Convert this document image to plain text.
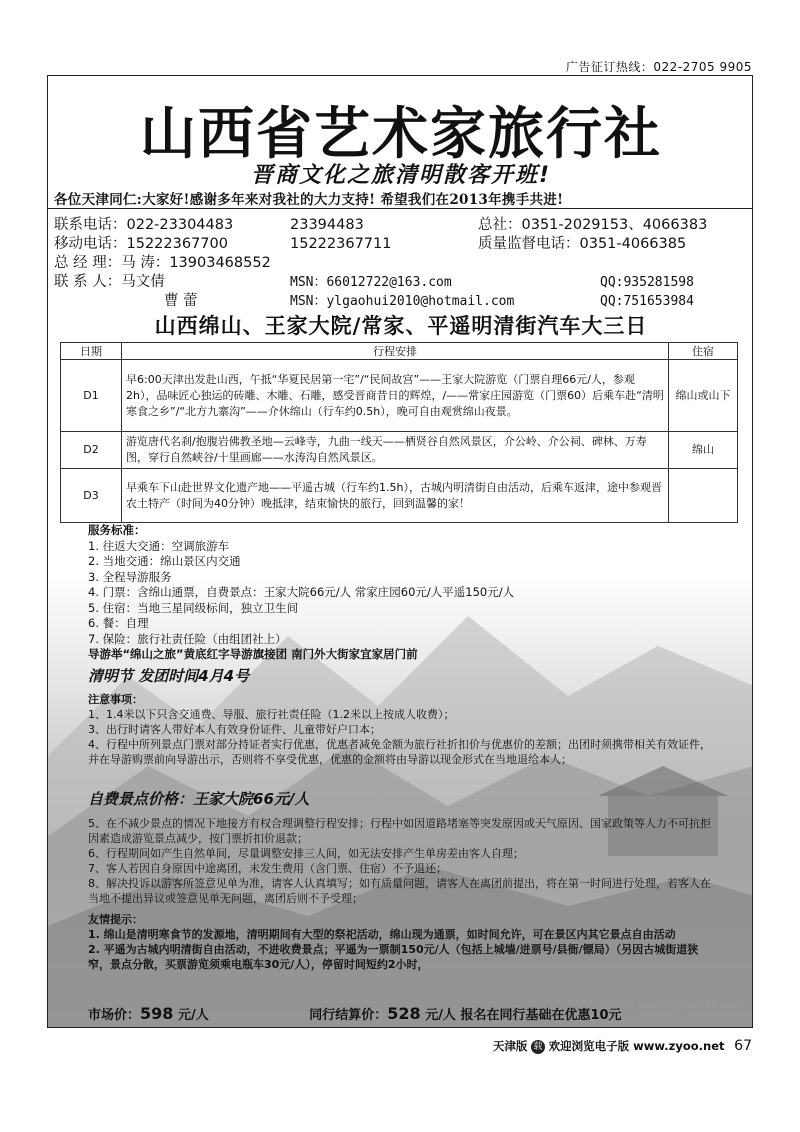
广告征订热线：022-2705 9905
山西省艺术家旅行社
晋商文化之旅清明散客开班!
各位天津同仁:大家好!感谢多年来对我社的大力支持! 希望我们在2013年携手共进!
联系电话：022-23304483	23394483	总社：0351-2029153、4066383
移动电话：15222367700	15222367711	质量监督电话：0351-4066385
总 经 理：马 涛：13903468552
联 系 人：马文倩	MSN：66012722@163.com	QQ:935281598
曹 蕾	MSN：ylgaohui2010@hotmail.com	QQ:751653984
山西绵山、王家大院/常家、平遥明清街汽车大三日
日期	行程安排	住宿
D1	早6:00天津出发赴山西，午抵“华夏民居第一宅”/“民间故宫”——王家大院游览（门票自理66元/人，参观2h），品味匠心独运的砖雕、木雕、石雕，感受晋商昔日的辉煌，/——常家庄园游览（门票60）后乘车赴“清明寒食之乡”/“北方九寨沟”——介休绵山（行车约0.5h），晚可自由观赏绵山夜景。	绵山或山下
D2	游览唐代名刹/抱腹岩佛教圣地—云峰寺，九曲一线天——栖贤谷自然风景区，介公岭、介公祠、碑林、万寿图，穿行自然峡谷/十里画廊——水涛沟自然风景区。	绵山
D3	早乘车下山赴世界文化遗产地——平遥古城（行车约1.5h），古城内明清街自由活动，后乘车返津，途中参观晋农土特产（时间为40分钟）晚抵津，结束愉快的旅行，回到温馨的家！	
服务标准：
1. 往返大交通：空调旅游车
2. 当地交通：绵山景区内交通
3. 全程导游服务
4. 门票：含绵山通票，自费景点：王家大院66元/人 常家庄园60元/人平遥150元/人
5. 住宿：当地三星同级标间，独立卫生间
6. 餐：自理
7. 保险：旅行社责任险（由组团社上）
导游举“绵山之旅”黄底红字导游旗接团 南门外大街家宜家居门前
清明节 发团时间4月4号

注意事项：

1、1.4米以下只含交通费、导服、旅行社责任险（1.2米以上按成人收费）；

3、出行时请客人带好本人有效身份证件、儿童带好户口本；

4、行程中所列景点门票对部分持证者实行优惠，优惠者减免金额为旅行社折扣价与优惠价的差额；出团时须携带相关有效证件，并在导游购票前向导游出示，否则将不享受优惠，优惠的金额将由导游以现金形式在当地退给本人；

自费景点价格：王家大院66元/人

5、在不减少景点的情况下地接方有权合理调整行程安排；行程中如因道路堵塞等突发原因或天气原因、国家政策等人力不可抗拒因素造成游览景点减少，按门票折扣价退款；

6、行程期间如产生自然单间，尽量调整安排三人间，如无法安排产生单房差由客人自理；

7、客人若因自身原因中途离团，未发生费用（含门票、住宿）不予退还；

8、解决投诉以游客所签意见单为准，请客人认真填写；如有质量问题，请客人在离团前提出，将在第一时间进行处理，若客人在当地不提出异议或签意见单无问题，离团后则不予受理；

友情提示：

1. 绵山是清明寒食节的发源地，清明期间有大型的祭祀活动，绵山现为通票，如时间允许，可在景区内其它景点自由活动

2. 平遥为古城内明清街自由活动，不进收费景点；平遥为一票制150元/人（包括上城墙/进票号/县衙/镖局）（另因古城街道狭窄，景点分散，买票游览须乘电瓶车30元/人），停留时间短约2小时，

上传于 www.lyyou114.com
市场价：598 元/人	同行结算价：528 元/人 报名在同行基础在优惠10元
天津版 载 欢迎浏览电子版 www.zyoo.net 67
